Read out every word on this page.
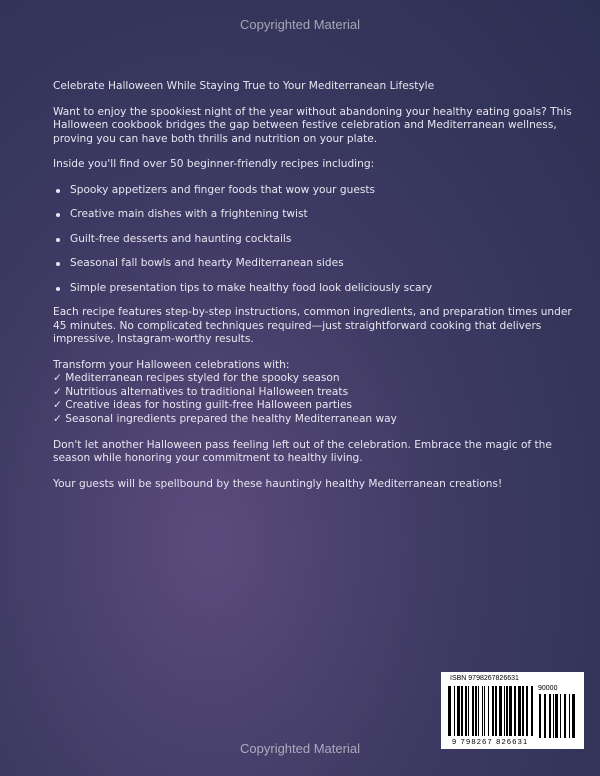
Copyrighted Material

Celebrate Halloween While Staying True to Your Mediterranean Lifestyle

Want to enjoy the spookiest night of the year without abandoning your healthy eating goals? This Halloween cookbook bridges the gap between festive celebration and Mediterranean wellness, proving you can have both thrills and nutrition on your plate.

Inside you'll find over 50 beginner-friendly recipes including:

Spooky appetizers and finger foods that wow your guests
Creative main dishes with a frightening twist
Guilt-free desserts and haunting cocktails
Seasonal fall bowls and hearty Mediterranean sides
Simple presentation tips to make healthy food look deliciously scary

Each recipe features step-by-step instructions, common ingredients, and preparation times under 45 minutes. No complicated techniques required—just straightforward cooking that delivers impressive, Instagram-worthy results.

Transform your Halloween celebrations with:
✓ Mediterranean recipes styled for the spooky season
✓ Nutritious alternatives to traditional Halloween treats
✓ Creative ideas for hosting guilt-free Halloween parties
✓ Seasonal ingredients prepared the healthy Mediterranean way

Don't let another Halloween pass feeling left out of the celebration. Embrace the magic of the season while honoring your commitment to healthy living.

Your guests will be spellbound by these hauntingly healthy Mediterranean creations!

ISBN 9798267826631
90000
9 798267 826631
Copyrighted Material
